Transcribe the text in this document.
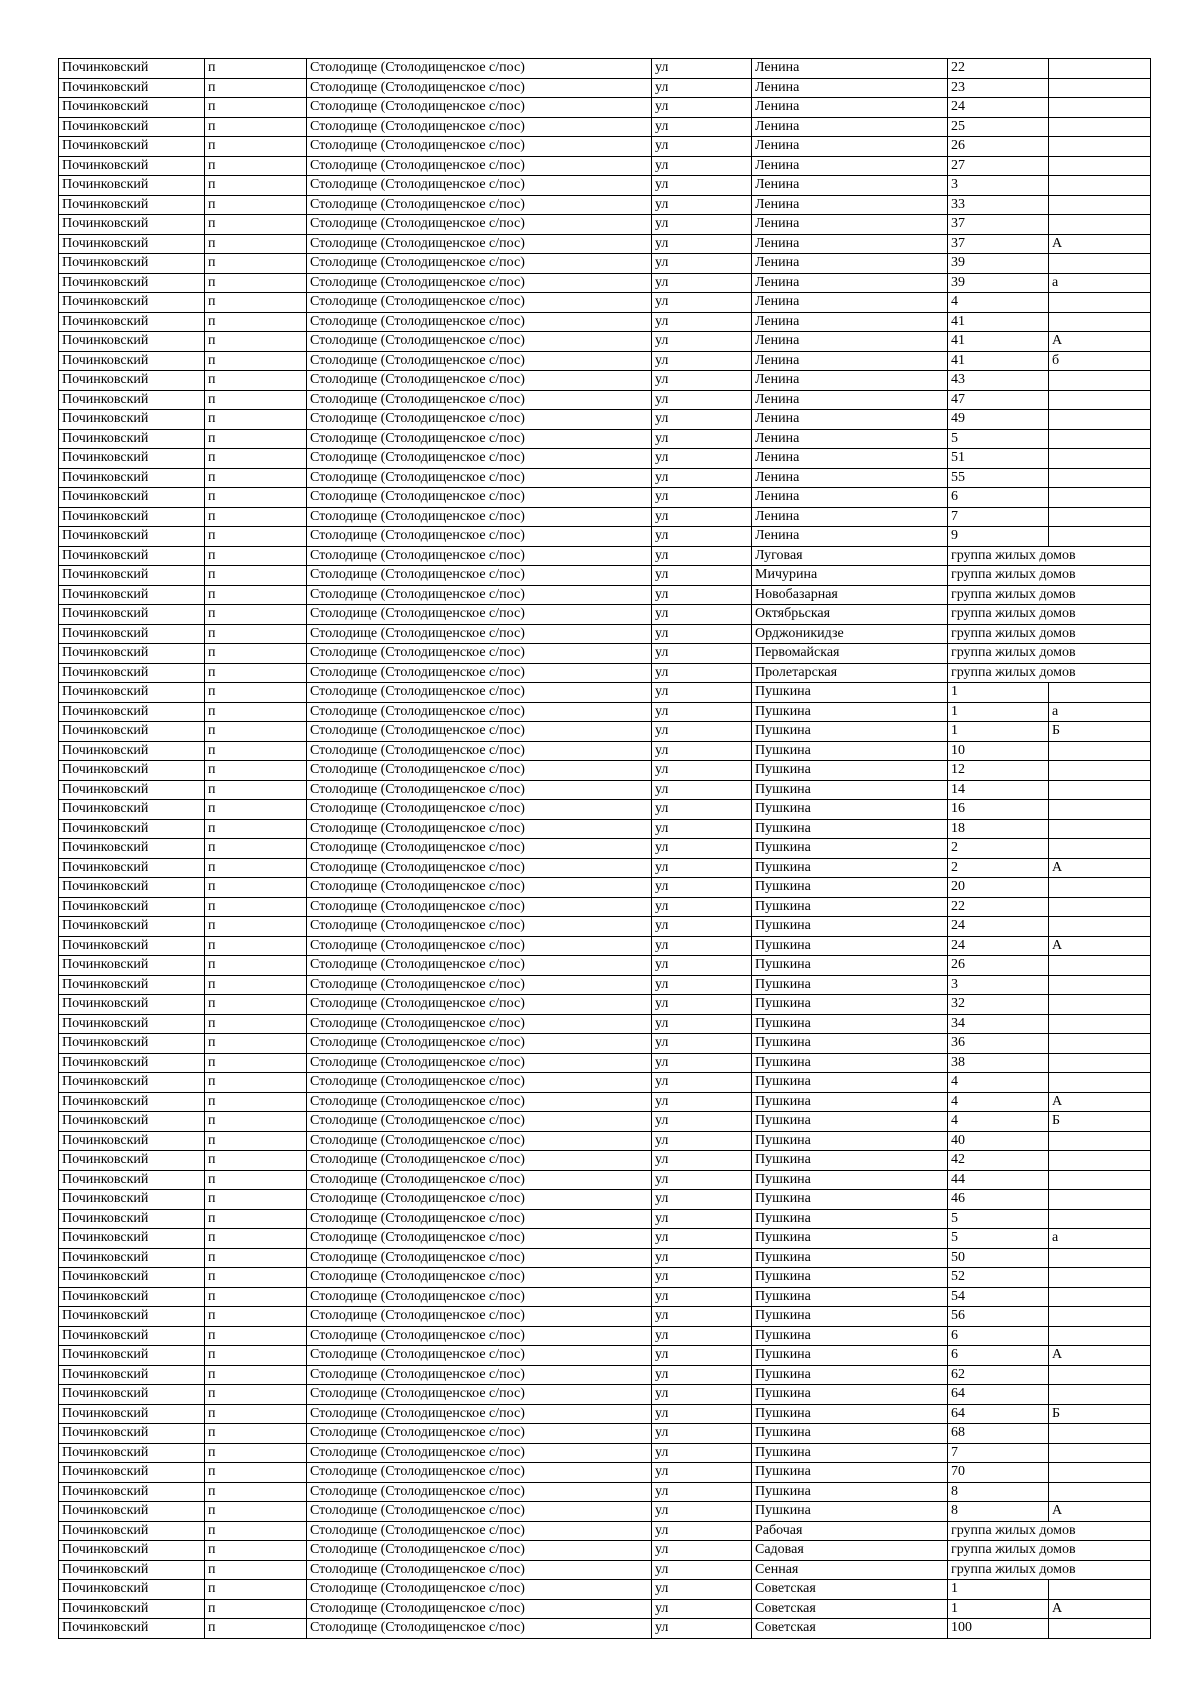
Починковский	п	Столодище (Столодищенское с/пос)	ул	Ленина	22	
Починковский	п	Столодище (Столодищенское с/пос)	ул	Ленина	23	
Починковский	п	Столодище (Столодищенское с/пос)	ул	Ленина	24	
Починковский	п	Столодище (Столодищенское с/пос)	ул	Ленина	25	
Починковский	п	Столодище (Столодищенское с/пос)	ул	Ленина	26	
Починковский	п	Столодище (Столодищенское с/пос)	ул	Ленина	27	
Починковский	п	Столодище (Столодищенское с/пос)	ул	Ленина	3	
Починковский	п	Столодище (Столодищенское с/пос)	ул	Ленина	33	
Починковский	п	Столодище (Столодищенское с/пос)	ул	Ленина	37	
Починковский	п	Столодище (Столодищенское с/пос)	ул	Ленина	37	А
Починковский	п	Столодище (Столодищенское с/пос)	ул	Ленина	39	
Починковский	п	Столодище (Столодищенское с/пос)	ул	Ленина	39	а
Починковский	п	Столодище (Столодищенское с/пос)	ул	Ленина	4	
Починковский	п	Столодище (Столодищенское с/пос)	ул	Ленина	41	
Починковский	п	Столодище (Столодищенское с/пос)	ул	Ленина	41	А
Починковский	п	Столодище (Столодищенское с/пос)	ул	Ленина	41	б
Починковский	п	Столодище (Столодищенское с/пос)	ул	Ленина	43	
Починковский	п	Столодище (Столодищенское с/пос)	ул	Ленина	47	
Починковский	п	Столодище (Столодищенское с/пос)	ул	Ленина	49	
Починковский	п	Столодище (Столодищенское с/пос)	ул	Ленина	5	
Починковский	п	Столодище (Столодищенское с/пос)	ул	Ленина	51	
Починковский	п	Столодище (Столодищенское с/пос)	ул	Ленина	55	
Починковский	п	Столодище (Столодищенское с/пос)	ул	Ленина	6	
Починковский	п	Столодище (Столодищенское с/пос)	ул	Ленина	7	
Починковский	п	Столодище (Столодищенское с/пос)	ул	Ленина	9	
Починковский	п	Столодище (Столодищенское с/пос)	ул	Луговая	группа жилых домов	
Починковский	п	Столодище (Столодищенское с/пос)	ул	Мичурина	группа жилых домов	
Починковский	п	Столодище (Столодищенское с/пос)	ул	Новобазарная	группа жилых домов	
Починковский	п	Столодище (Столодищенское с/пос)	ул	Октябрьская	группа жилых домов	
Починковский	п	Столодище (Столодищенское с/пос)	ул	Орджоникидзе	группа жилых домов	
Починковский	п	Столодище (Столодищенское с/пос)	ул	Первомайская	группа жилых домов	
Починковский	п	Столодище (Столодищенское с/пос)	ул	Пролетарская	группа жилых домов	
Починковский	п	Столодище (Столодищенское с/пос)	ул	Пушкина	1	
Починковский	п	Столодище (Столодищенское с/пос)	ул	Пушкина	1	а
Починковский	п	Столодище (Столодищенское с/пос)	ул	Пушкина	1	Б
Починковский	п	Столодище (Столодищенское с/пос)	ул	Пушкина	10	
Починковский	п	Столодище (Столодищенское с/пос)	ул	Пушкина	12	
Починковский	п	Столодище (Столодищенское с/пос)	ул	Пушкина	14	
Починковский	п	Столодище (Столодищенское с/пос)	ул	Пушкина	16	
Починковский	п	Столодище (Столодищенское с/пос)	ул	Пушкина	18	
Починковский	п	Столодище (Столодищенское с/пос)	ул	Пушкина	2	
Починковский	п	Столодище (Столодищенское с/пос)	ул	Пушкина	2	А
Починковский	п	Столодище (Столодищенское с/пос)	ул	Пушкина	20	
Починковский	п	Столодище (Столодищенское с/пос)	ул	Пушкина	22	
Починковский	п	Столодище (Столодищенское с/пос)	ул	Пушкина	24	
Починковский	п	Столодище (Столодищенское с/пос)	ул	Пушкина	24	А
Починковский	п	Столодище (Столодищенское с/пос)	ул	Пушкина	26	
Починковский	п	Столодище (Столодищенское с/пос)	ул	Пушкина	3	
Починковский	п	Столодище (Столодищенское с/пос)	ул	Пушкина	32	
Починковский	п	Столодище (Столодищенское с/пос)	ул	Пушкина	34	
Починковский	п	Столодище (Столодищенское с/пос)	ул	Пушкина	36	
Починковский	п	Столодище (Столодищенское с/пос)	ул	Пушкина	38	
Починковский	п	Столодище (Столодищенское с/пос)	ул	Пушкина	4	
Починковский	п	Столодище (Столодищенское с/пос)	ул	Пушкина	4	А
Починковский	п	Столодище (Столодищенское с/пос)	ул	Пушкина	4	Б
Починковский	п	Столодище (Столодищенское с/пос)	ул	Пушкина	40	
Починковский	п	Столодище (Столодищенское с/пос)	ул	Пушкина	42	
Починковский	п	Столодище (Столодищенское с/пос)	ул	Пушкина	44	
Починковский	п	Столодище (Столодищенское с/пос)	ул	Пушкина	46	
Починковский	п	Столодище (Столодищенское с/пос)	ул	Пушкина	5	
Починковский	п	Столодище (Столодищенское с/пос)	ул	Пушкина	5	а
Починковский	п	Столодище (Столодищенское с/пос)	ул	Пушкина	50	
Починковский	п	Столодище (Столодищенское с/пос)	ул	Пушкина	52	
Починковский	п	Столодище (Столодищенское с/пос)	ул	Пушкина	54	
Починковский	п	Столодище (Столодищенское с/пос)	ул	Пушкина	56	
Починковский	п	Столодище (Столодищенское с/пос)	ул	Пушкина	6	
Починковский	п	Столодище (Столодищенское с/пос)	ул	Пушкина	6	А
Починковский	п	Столодище (Столодищенское с/пос)	ул	Пушкина	62	
Починковский	п	Столодище (Столодищенское с/пос)	ул	Пушкина	64	
Починковский	п	Столодище (Столодищенское с/пос)	ул	Пушкина	64	Б
Починковский	п	Столодище (Столодищенское с/пос)	ул	Пушкина	68	
Починковский	п	Столодище (Столодищенское с/пос)	ул	Пушкина	7	
Починковский	п	Столодище (Столодищенское с/пос)	ул	Пушкина	70	
Починковский	п	Столодище (Столодищенское с/пос)	ул	Пушкина	8	
Починковский	п	Столодище (Столодищенское с/пос)	ул	Пушкина	8	А
Починковский	п	Столодище (Столодищенское с/пос)	ул	Рабочая	группа жилых домов	
Починковский	п	Столодище (Столодищенское с/пос)	ул	Садовая	группа жилых домов	
Починковский	п	Столодище (Столодищенское с/пос)	ул	Сенная	группа жилых домов	
Починковский	п	Столодище (Столодищенское с/пос)	ул	Советская	1	
Починковский	п	Столодище (Столодищенское с/пос)	ул	Советская	1	А
Починковский	п	Столодище (Столодищенское с/пос)	ул	Советская	100	
